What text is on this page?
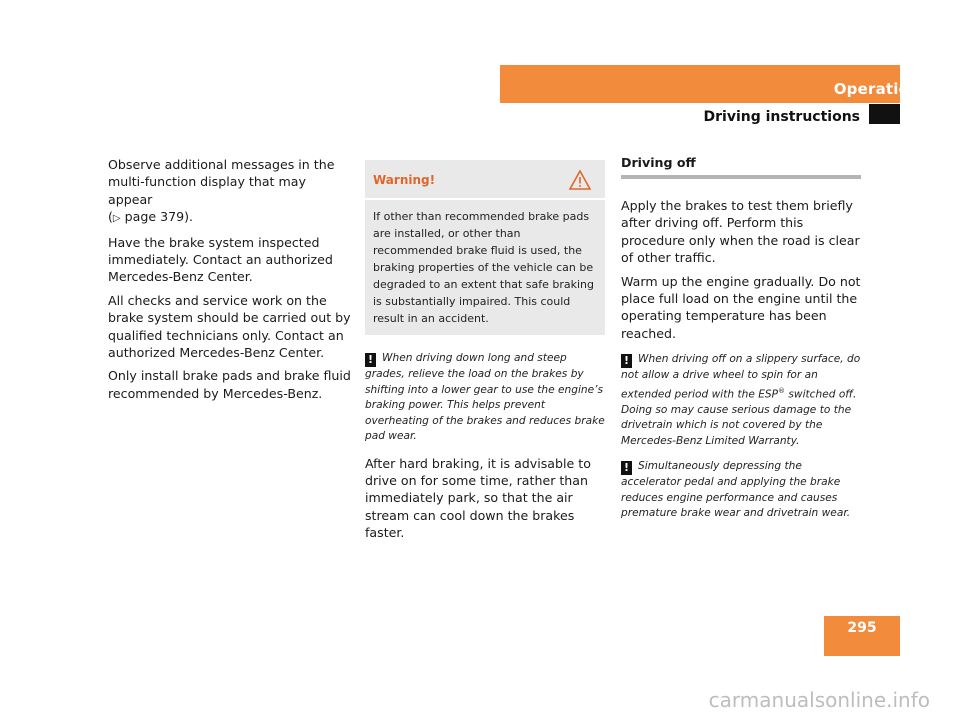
Operation
Driving instructions

Observe additional messages in the multi-function display that may appear
(▷ page 379).

Have the brake system inspected immediately. Contact an authorized Mercedes-Benz Center.

All checks and service work on the brake system should be carried out by qualified technicians only. Contact an authorized Mercedes-Benz Center.

Only install brake pads and brake fluid recommended by Mercedes-Benz.

Warning!
If other than recommended brake pads are installed, or other than recommended brake fluid is used, the braking properties of the vehicle can be degraded to an extent that safe braking is substantially impaired. This could result in an accident.

! When driving down long and steep grades, relieve the load on the brakes by shifting into a lower gear to use the engine’s braking power. This helps prevent overheating of the brakes and reduces brake pad wear.

After hard braking, it is advisable to drive on for some time, rather than immediately park, so that the air stream can cool down the brakes faster.

Driving off

Apply the brakes to test them briefly after driving off. Perform this procedure only when the road is clear of other traffic.

Warm up the engine gradually. Do not place full load on the engine until the operating temperature has been reached.

! When driving off on a slippery surface, do not allow a drive wheel to spin for an extended period with the ESP® switched off. Doing so may cause serious damage to the drivetrain which is not covered by the Mercedes-Benz Limited Warranty.

! Simultaneously depressing the accelerator pedal and applying the brake reduces engine performance and causes premature brake wear and drivetrain wear.

295
carmanualsonline.info
